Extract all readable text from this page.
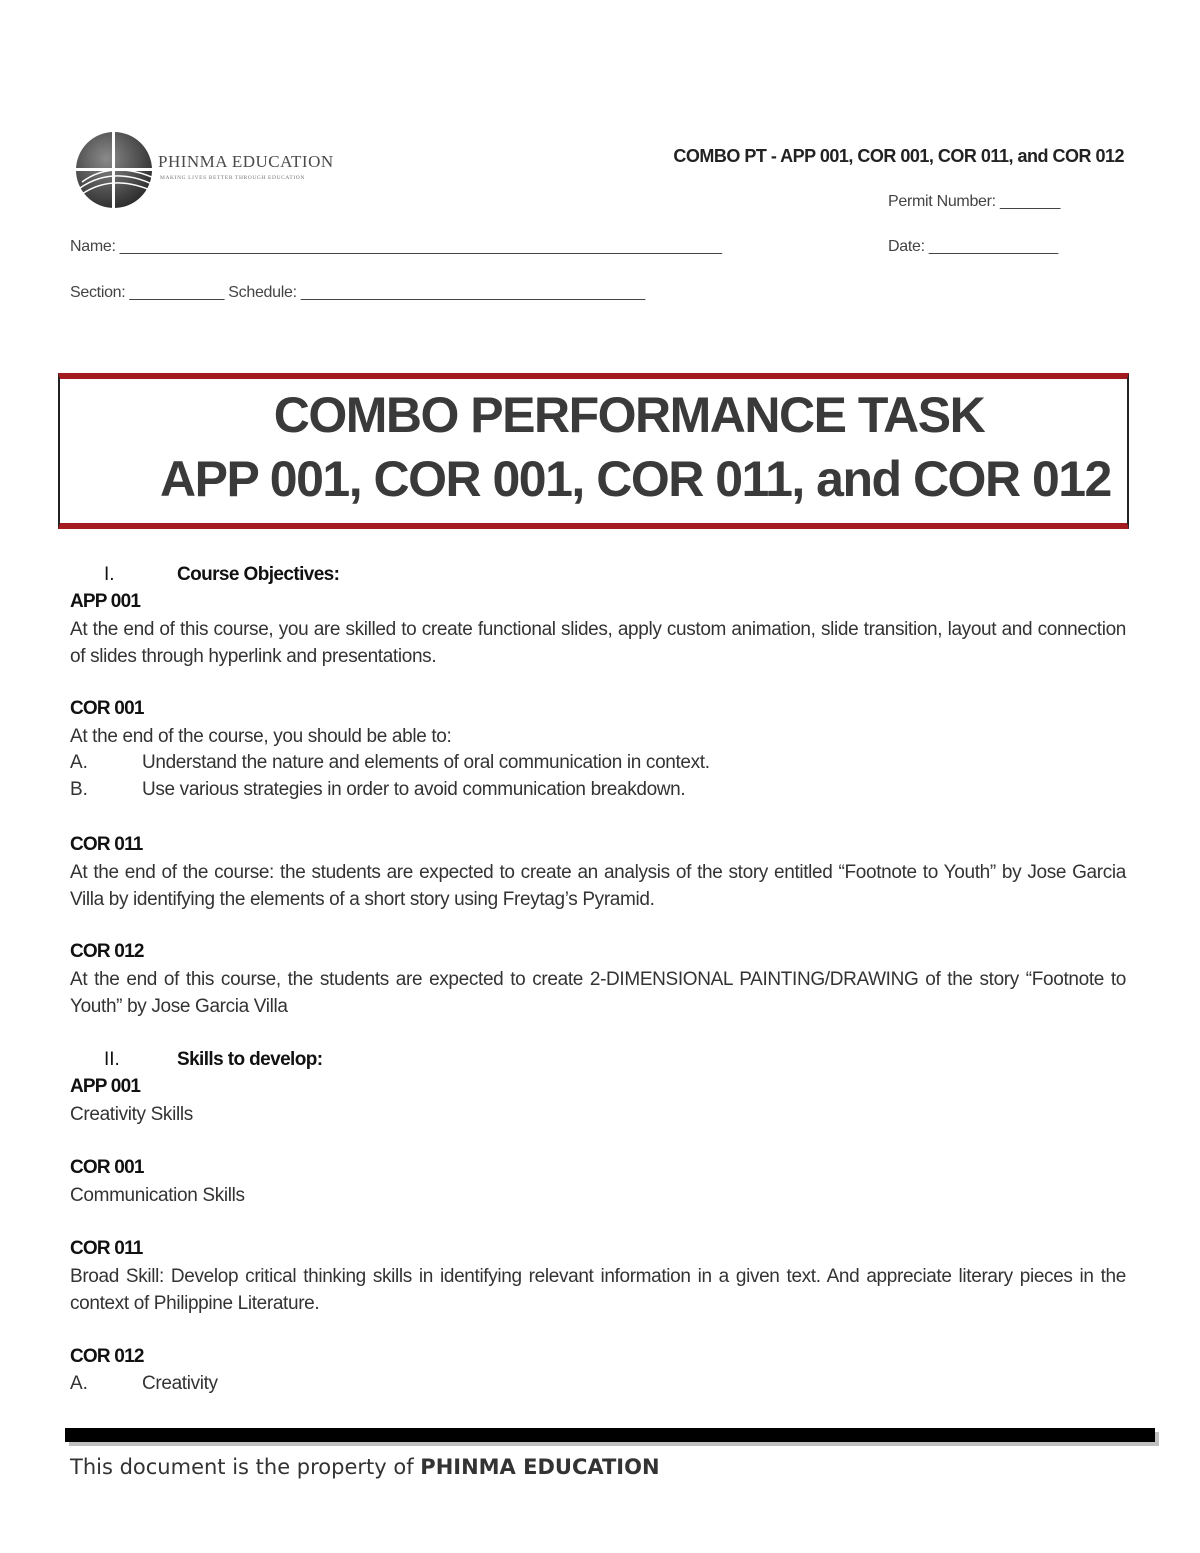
PHINMA EDUCATION
MAKING LIVES BETTER THROUGH EDUCATION
COMBO PT - APP 001, COR 001, COR 011, and COR 012
Permit Number: _______
Name: ______________________________________________________________________	Date: _______________
Section: ___________ Schedule: ________________________________________
COMBO PERFORMANCE TASK
APP 001, COR 001, COR 011, and COR 012
I.	Course Objectives:
APP 001
At the end of this course, you are skilled to create functional slides, apply custom animation, slide transition, layout and connection of slides through hyperlink and presentations.
COR 001
At the end of the course, you should be able to:
A.	Understand the nature and elements of oral communication in context.
B.	Use various strategies in order to avoid communication breakdown.
COR 011
At the end of the course: the students are expected to create an analysis of the story entitled “Footnote to Youth” by Jose Garcia Villa by identifying the elements of a short story using Freytag’s Pyramid.
COR 012
At the end of this course, the students are expected to create 2-DIMENSIONAL PAINTING/DRAWING of the story “Footnote to Youth” by Jose Garcia Villa
II.	Skills to develop:
APP 001
Creativity Skills
COR 001
Communication Skills
COR 011
Broad Skill: Develop critical thinking skills in identifying relevant information in a given text. And appreciate literary pieces in the context of Philippine Literature.
COR 012
A.	Creativity
This document is the property of PHINMA EDUCATION
